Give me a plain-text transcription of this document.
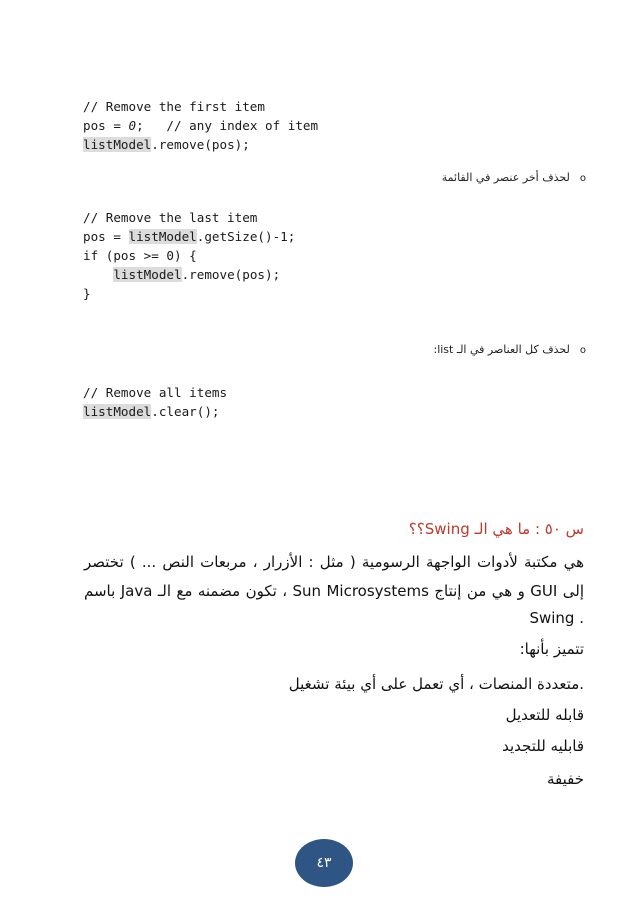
// Remove the first item
pos = 0;   // any index of item
listModel.remove(pos);
oلحذف أخر عنصر في القائمة
// Remove the last item
pos = listModel.getSize()-1;
if (pos >= 0) {
listModel.remove(pos);
}
oلحذف كل العناصر في الـ list:
// Remove all items
listModel.clear();
س ٥٠ : ما هي الـ Swing؟؟
هي مكتبة لأدوات الواجهة الرسومية ( مثل : الأزرار ، مربعات النص ... ) تختصر
إلى GUI و هي من إنتاج Sun Microsystems ، تكون مضمنه مع الـ Java باسم
. Swing
تتميز بأنها:
.متعددة المنصات ، أي تعمل على أي بيئة تشغيل
قابله للتعديل
قابليه للتجديد
خفيفة
٤٣
